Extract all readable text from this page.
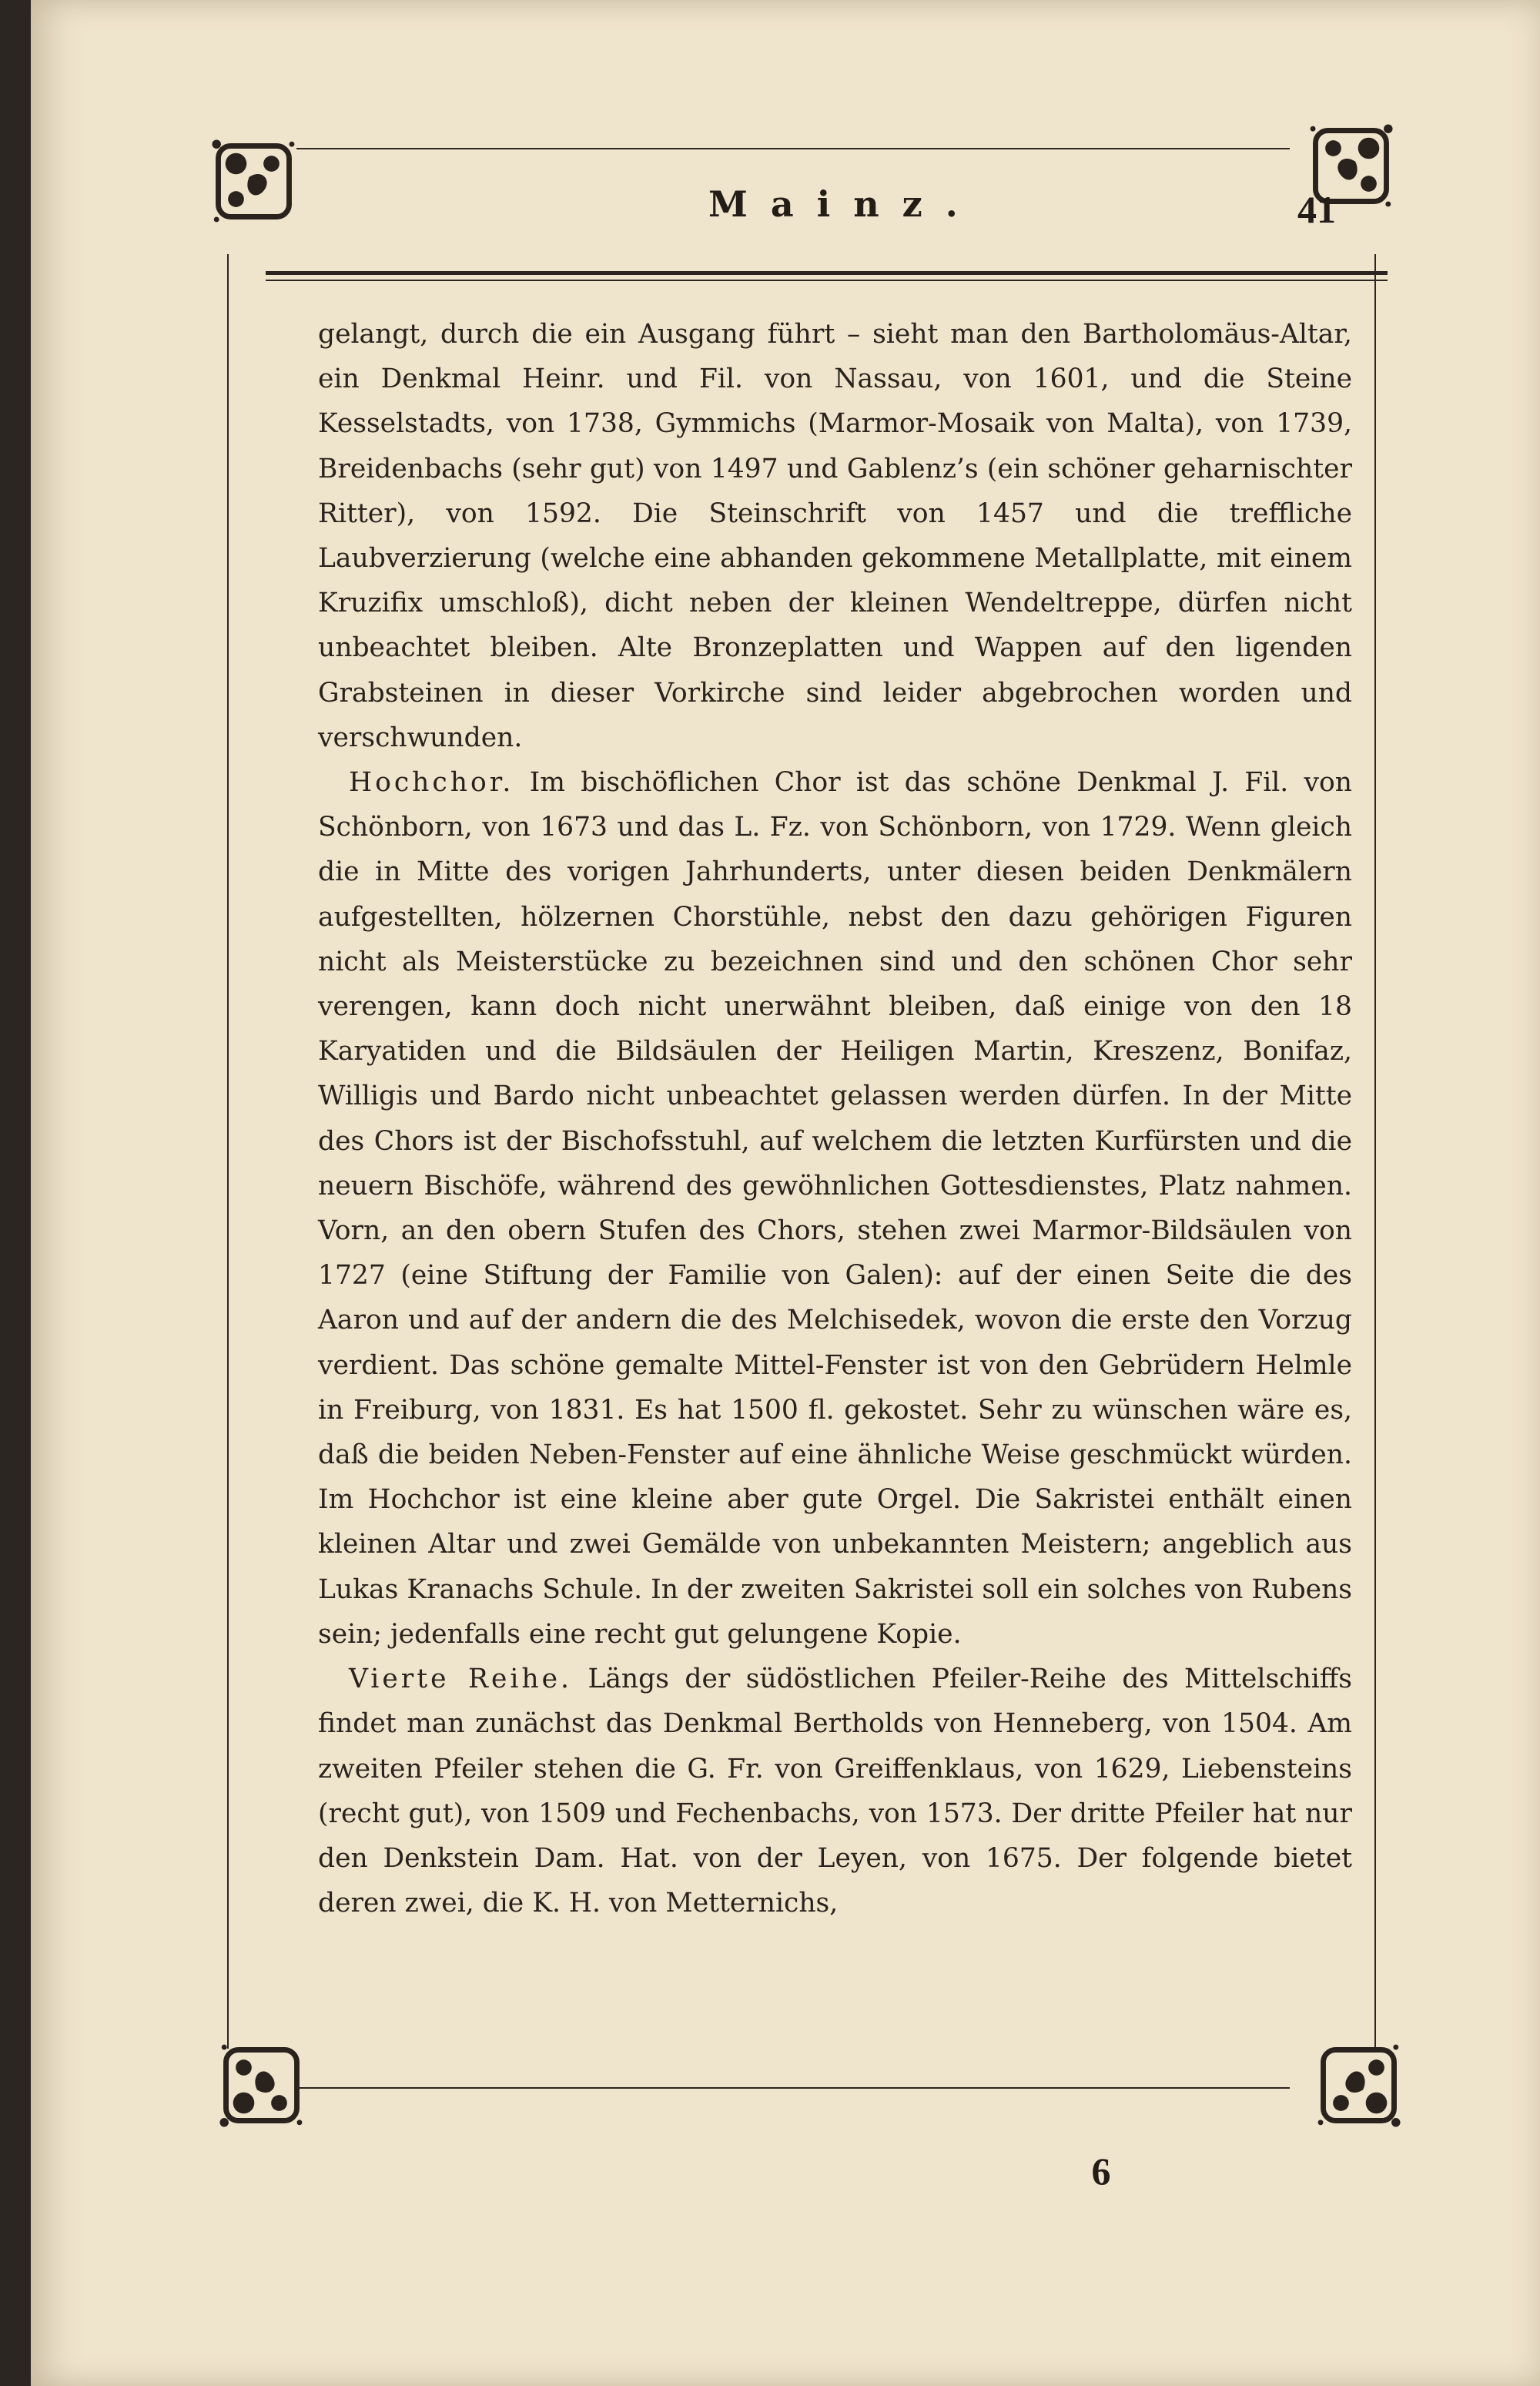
Mainz.	41

gelangt, durch die ein Ausgang führt – sieht man den Bartholomäus-Altar, ein Denkmal Heinr. und Fil. von Nassau, von 1601, und die Steine Kesselstadts, von 1738, Gymmichs (Marmor-Mosaik von Malta), von 1739, Breidenbachs (sehr gut) von 1497 und Gablenz’s (ein schöner geharnischter Ritter), von 1592. Die Steinschrift von 1457 und die treffliche Laubverzierung (welche eine abhanden gekommene Metallplatte, mit einem Kruzifix umschloß), dicht neben der kleinen Wendeltreppe, dürfen nicht unbeachtet bleiben. Alte Bronzeplatten und Wappen auf den ligenden Grabsteinen in dieser Vorkirche sind leider abgebrochen worden und verschwunden.

Hochchor. Im bischöflichen Chor ist das schöne Denkmal J. Fil. von Schönborn, von 1673 und das L. Fz. von Schönborn, von 1729. Wenn gleich die in Mitte des vorigen Jahrhunderts, unter diesen beiden Denkmälern aufgestellten, hölzernen Chorstühle, nebst den dazu gehörigen Figuren nicht als Meisterstücke zu bezeichnen sind und den schönen Chor sehr verengen, kann doch nicht unerwähnt bleiben, daß einige von den 18 Karyatiden und die Bildsäulen der Heiligen Martin, Kreszenz, Bonifaz, Willigis und Bardo nicht unbeachtet gelassen werden dürfen. In der Mitte des Chors ist der Bischofsstuhl, auf welchem die letzten Kurfürsten und die neuern Bischöfe, während des gewöhnlichen Gottesdienstes, Platz nahmen. Vorn, an den obern Stufen des Chors, stehen zwei Marmor-Bildsäulen von 1727 (eine Stiftung der Familie von Galen): auf der einen Seite die des Aaron und auf der andern die des Melchisedek, wovon die erste den Vorzug verdient. Das schöne gemalte Mittel-Fenster ist von den Gebrüdern Helmle in Freiburg, von 1831. Es hat 1500 fl. gekostet. Sehr zu wünschen wäre es, daß die beiden Neben-Fenster auf eine ähnliche Weise geschmückt würden. Im Hochchor ist eine kleine aber gute Orgel. Die Sakristei enthält einen kleinen Altar und zwei Gemälde von unbekannten Meistern; angeblich aus Lukas Kranachs Schule. In der zweiten Sakristei soll ein solches von Rubens sein; jedenfalls eine recht gut gelungene Kopie.

Vierte Reihe. Längs der südöstlichen Pfeiler-Reihe des Mittelschiffs findet man zunächst das Denkmal Bertholds von Henneberg, von 1504. Am zweiten Pfeiler stehen die G. Fr. von Greiffenklaus, von 1629, Liebensteins (recht gut), von 1509 und Fechenbachs, von 1573. Der dritte Pfeiler hat nur den Denkstein Dam. Hat. von der Leyen, von 1675. Der folgende bietet deren zwei, die K. H. von Metternichs,

6
